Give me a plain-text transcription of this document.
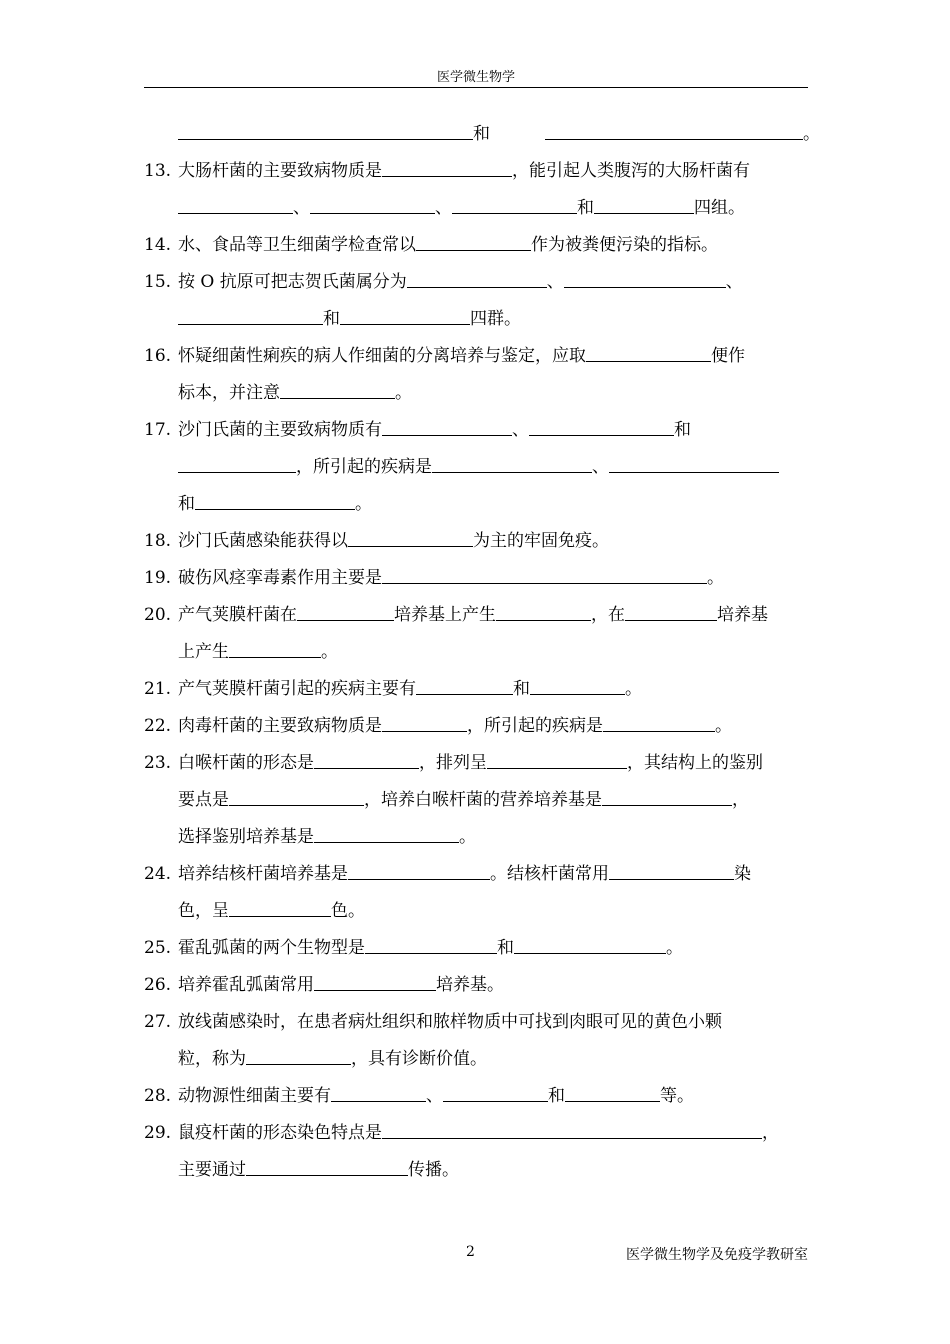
医学微生物学
和	。
13. 大肠杆菌的主要致病物质是	，能引起人类腹泻的大肠杆菌有
、	、	和	四组。
14. 水、食品等卫生细菌学检查常以	作为被粪便污染的指标。
15. 按 O 抗原可把志贺氏菌属分为	、	、
和	四群。
16. 怀疑细菌性痢疾的病人作细菌的分离培养与鉴定，应取	便作
标本，并注意	。
17. 沙门氏菌的主要致病物质有	、	和
，所引起的疾病是	、
和	。
18. 沙门氏菌感染能获得以	为主的牢固免疫。
19. 破伤风痉挛毒素作用主要是	。
20. 产气荚膜杆菌在	培养基上产生	，在	培养基
上产生	。
21. 产气荚膜杆菌引起的疾病主要有	和	。
22. 肉毒杆菌的主要致病物质是	，所引起的疾病是	。
23. 白喉杆菌的形态是	，排列呈	，其结构上的鉴别
要点是	，培养白喉杆菌的营养培养基是	，
选择鉴别培养基是	。
24. 培养结核杆菌培养基是	。结核杆菌常用	染
色，呈	色。
25. 霍乱弧菌的两个生物型是	和	。
26. 培养霍乱弧菌常用	培养基。
27. 放线菌感染时，在患者病灶组织和脓样物质中可找到肉眼可见的黄色小颗
粒，称为	，具有诊断价值。
28. 动物源性细菌主要有	、	和	等。
29. 鼠疫杆菌的形态染色特点是	，
主要通过	传播。
2	医学微生物学及免疫学教研室
